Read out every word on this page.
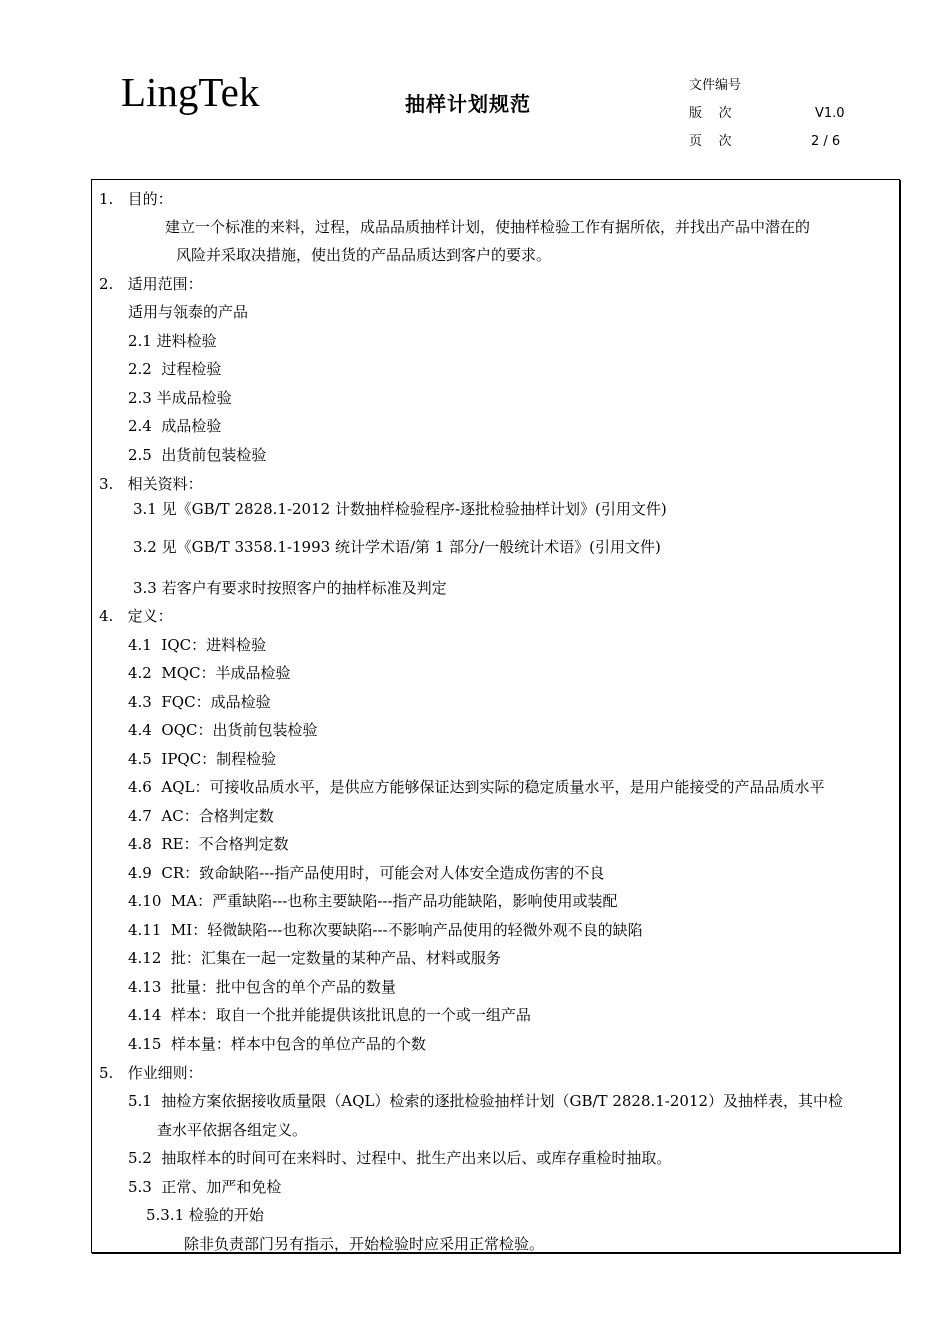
LingTek	抽样计划规范
文件编号
版    次	V1.0
页    次	2 / 6
1.   目的：
建立一个标准的来料，过程，成品品质抽样计划，使抽样检验工作有据所依，并找出产品中潜在的
风险并采取决措施，使出货的产品品质达到客户的要求。
2.   适用范围：
适用与瓴泰的产品
2.1 进料检验
2.2  过程检验
2.3 半成品检验
2.4  成品检验
2.5  出货前包装检验
3.   相关资料：
3.1 见《GB/T 2828.1-2012 计数抽样检验程序-逐批检验抽样计划》(引用文件)
3.2 见《GB/T 3358.1-1993 统计学术语/第 1 部分/一般统计术语》(引用文件)
3.3 若客户有要求时按照客户的抽样标准及判定
4.   定义：
4.1  IQC：进料检验
4.2  MQC：半成品检验
4.3  FQC：成品检验
4.4  OQC：出货前包装检验
4.5  IPQC：制程检验
4.6  AQL：可接收品质水平，是供应方能够保证达到实际的稳定质量水平，是用户能接受的产品品质水平
4.7  AC：合格判定数
4.8  RE：不合格判定数
4.9  CR：致命缺陷---指产品使用时，可能会对人体安全造成伤害的不良
4.10  MA：严重缺陷---也称主要缺陷---指产品功能缺陷，影响使用或装配
4.11  MI：轻微缺陷---也称次要缺陷---不影响产品使用的轻微外观不良的缺陷
4.12  批：汇集在一起一定数量的某种产品、材料或服务
4.13  批量：批中包含的单个产品的数量
4.14  样本：取自一个批并能提供该批讯息的一个或一组产品
4.15  样本量：样本中包含的单位产品的个数
5.   作业细则：
5.1  抽检方案依据接收质量限（AQL）检索的逐批检验抽样计划（GB/T 2828.1-2012）及抽样表，其中检
查水平依据各组定义。
5.2  抽取样本的时间可在来料时、过程中、批生产出来以后、或库存重检时抽取。
5.3  正常、加严和免检
5.3.1 检验的开始
除非负责部门另有指示，开始检验时应采用正常检验。
